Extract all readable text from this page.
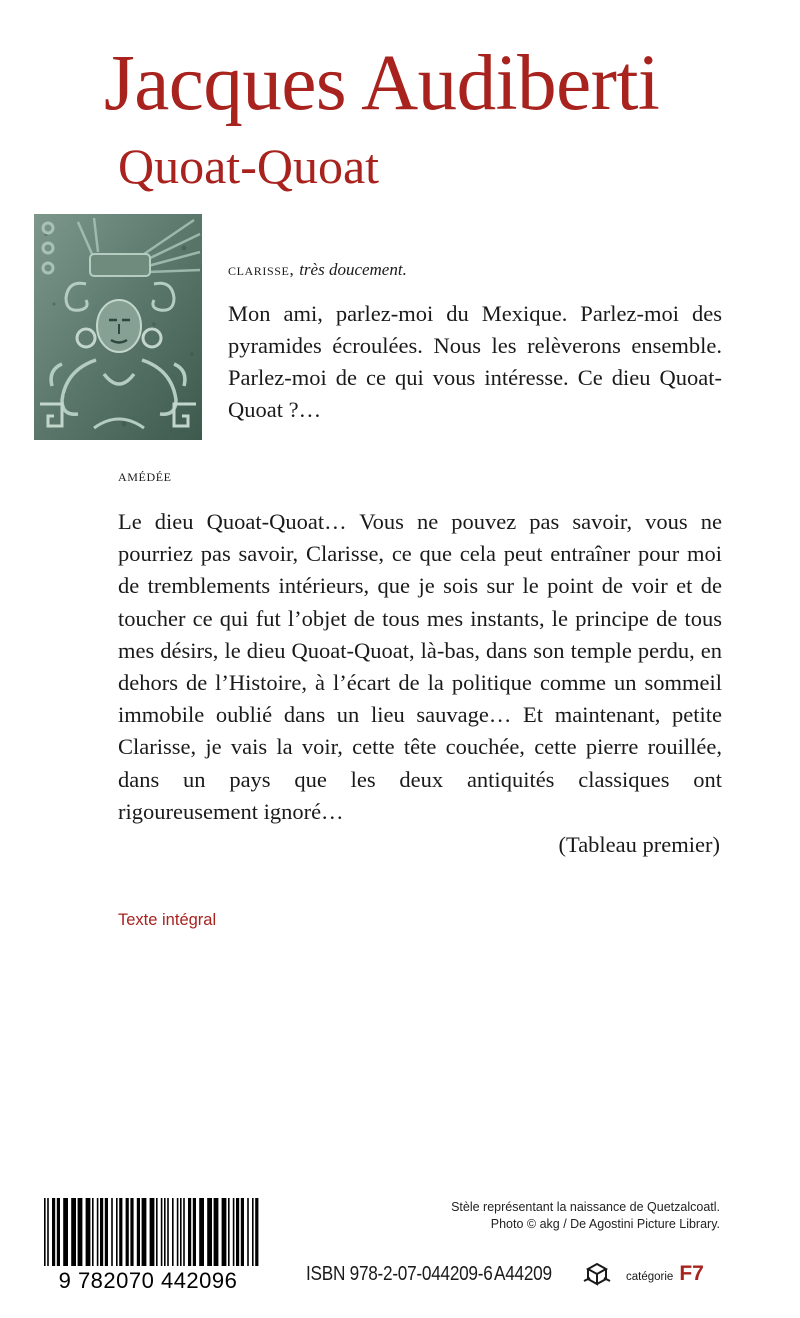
Jacques Audiberti
Quoat-Quoat
clarisse, très doucement.

Mon ami, parlez-moi du Mexique. Parlez-moi des pyramides écroulées. Nous les relèverons ensemble. Parlez-moi de ce qui vous intéresse. Ce dieu Quoat-Quoat ?…

amédée

Le dieu Quoat-Quoat… Vous ne pouvez pas savoir, vous ne pourriez pas savoir, Clarisse, ce que cela peut entraîner pour moi de tremblements intérieurs, que je sois sur le point de voir et de toucher ce qui fut l’objet de tous mes instants, le principe de tous mes désirs, le dieu Quoat-Quoat, là-bas, dans son temple perdu, en dehors de l’Histoire, à l’écart de la politique comme un sommeil immobile oublié dans un lieu sauvage… Et maintenant, petite Clarisse, je vais la voir, cette tête couchée, cette pierre rouillée, dans un pays que les deux antiquités classiques ont rigoureusement ignoré…

(Tableau premier)
Texte intégral
Stèle représentant la naissance de Quetzalcoatl.
Photo © akg / De Agostini Picture Library.
9 782070 442096	ISBN 978-2-07-044209-6 A44209	catégorie F7
